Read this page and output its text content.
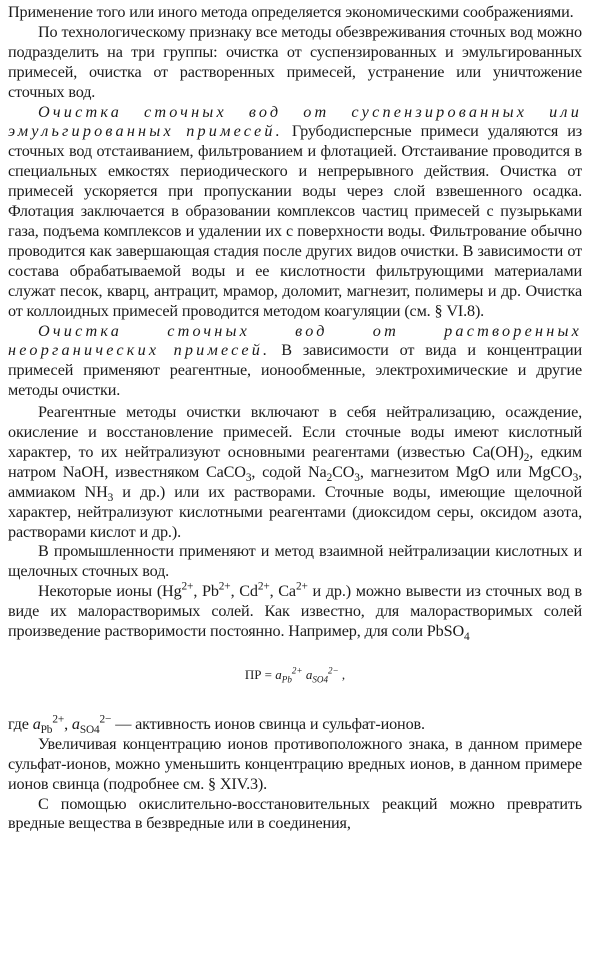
Применение того или иного метода определяется экономическими соображениями.

По технологическому признаку все методы обезвреживания сточных вод можно подразделить на три группы: очистка от суспензированных и эмульгированных примесей, очистка от растворенных примесей, устранение или уничтожение сточных вод.

Очистка сточных вод от суспензированных или эмульгированных примесей. Грубодисперсные примеси удаляются из сточных вод отстаиванием, фильтрованием и флотацией. Отстаивание проводится в специальных емкостях периодического и непрерывного действия. Очистка от примесей ускоряется при пропускании воды через слой взвешенного осадка. Флотация заключается в образовании комплексов частиц примесей с пузырьками газа, подъема комплексов и удалении их с поверхности воды. Фильтрование обычно проводится как завершающая стадия после других видов очистки. В зависимости от состава обрабатываемой воды и ее кислотности фильтрующими материалами служат песок, кварц, антрацит, мрамор, доломит, магнезит, полимеры и др. Очистка от коллоидных примесей проводится методом коагуляции (см. § VI.8).

Очистка сточных вод от растворенных неорганических примесей. В зависимости от вида и концентрации примесей применяют реагентные, ионообменные, электрохимические и другие методы очистки.

Реагентные методы очистки включают в себя нейтрализацию, осаждение, окисление и восстановление примесей. Если сточные воды имеют кислотный характер, то их нейтрализуют основными реагентами (известью $Ca(OH)_2$, едким натром NaOH, известняком CaCO$_3$, содой $Na_2CO_3$, магнезитом MgO или MgCO$_3$, аммиаком $NH_3$ и др.) или их растворами. Сточные воды, имеющие щелочной характер, нейтрализуют кислотными реагентами (диоксидом серы, оксидом азота, растворами кислот и др.).

В промышленности применяют и метод взаимной нейтрализации кислотных и щелочных сточных вод.

Некоторые ионы ($Hg^{2+}$, $Pb^{2+}$, $Cd^{2+}$, $Ca^{2+}$ и др.) можно вывести из сточных вод в виде их малорастворимых солей. Как известно, для малорастворимых солей произведение растворимости постоянно. Например, для соли PbSO$_4$

ПР = $a_{Pb}^{2+}$ $a_{SO4}^{2-}$ ,

где $a_{Pb}^{2+}$, $a_{SO4}^{2-}$ — активность ионов свинца и сульфат-ионов.

Увеличивая концентрацию ионов противоположного знака, в данном примере сульфат-ионов, можно уменьшить концентрацию вредных ионов, в данном примере ионов свинца (подробнее см. § XIV.3).

С помощью окислительно-восстановительных реакций можно превратить вредные вещества в безвредные или в соединения,
